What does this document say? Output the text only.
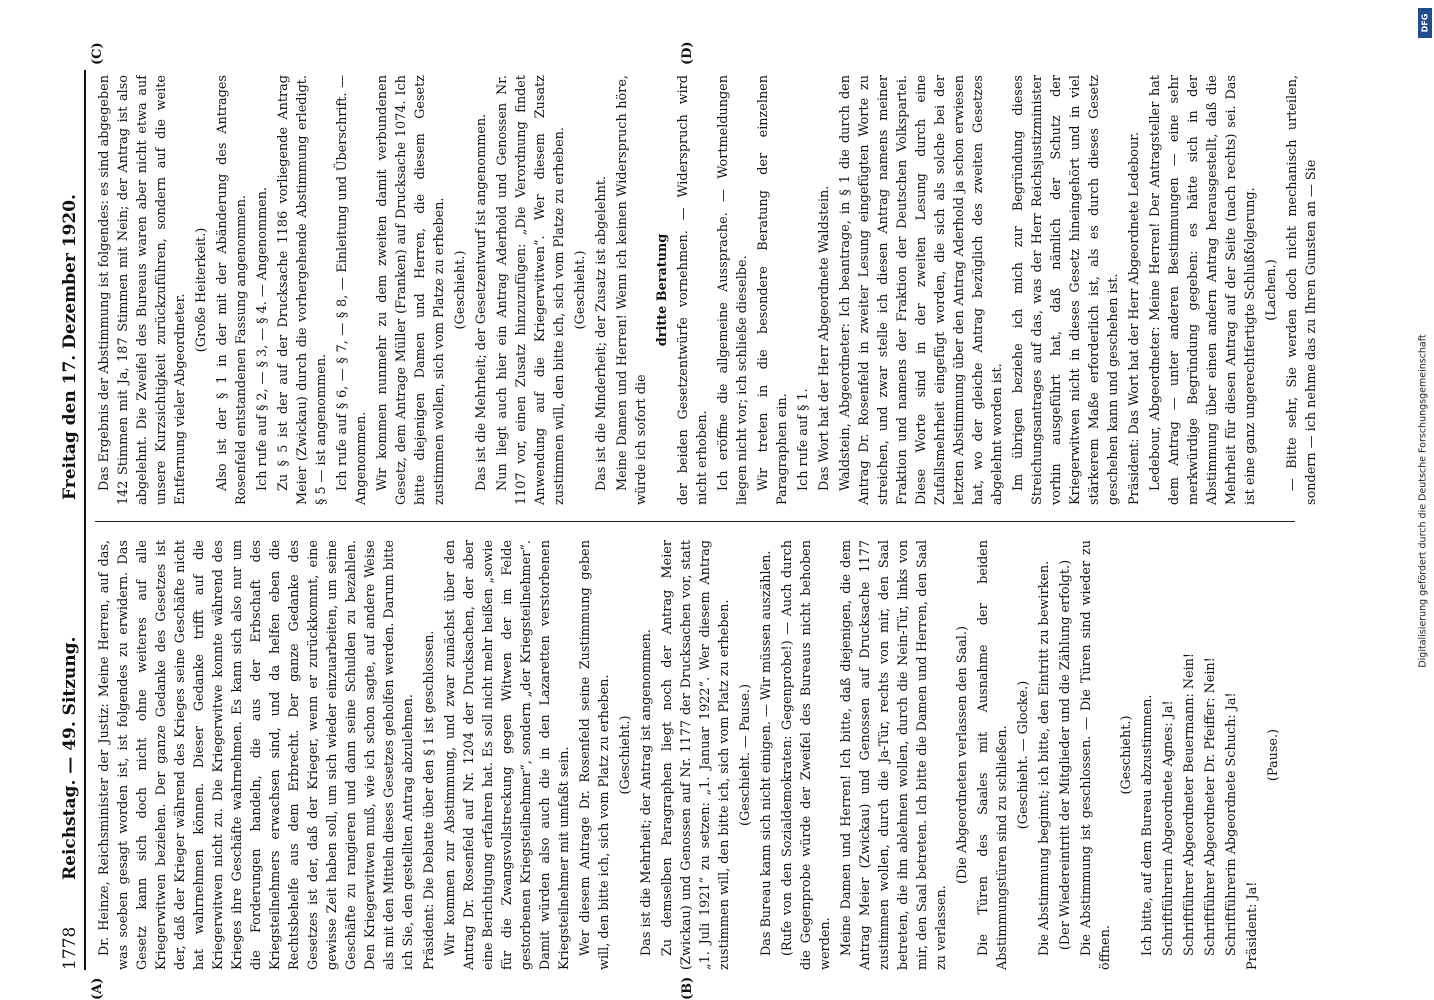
(A)	(B)
(C)	(D)
1778
Reichstag. — 49. Sitzung.
Freitag den 17. Dezember 1920.

Dr. Heinze, Reichsminister der Justiz: Meine Herren, auf das, was soeben gesagt worden ist, ist folgendes zu erwidern. Das Gesetz kann sich doch nicht ohne weiteres auf alle Kriegerwitwen beziehen. Der ganze Gedanke des Gesetzes ist der, daß der Krieger während des Krieges seine Geschäfte nicht hat wahrnehmen können. Dieser Gedanke trifft auf die Kriegerwitwen nicht zu. Die Kriegerwitwe konnte während des Krieges ihre Geschäfte wahrnehmen. Es kann sich also nur um die Forderungen handeln, die aus der Erbschaft des Kriegsteilnehmers erwachsen sind, und da helfen eben die Rechtsbehelfe aus dem Erbrecht. Der ganze Gedanke des Gesetzes ist der, daß der Krieger, wenn er zurückkommt, eine gewisse Zeit haben soll, um sich wieder einzuarbeiten, um seine Geschäfte zu rangieren und dann seine Schulden zu bezahlen. Den Kriegerwitwen muß, wie ich schon sagte, auf andere Weise als mit den Mitteln dieses Gesetzes geholfen werden. Darum bitte ich Sie, den gestellten Antrag abzulehnen. Präsident: Die Debatte über den § 1 ist geschlossen. Wir kommen zur Abstimmung, und zwar zunächst über den Antrag Dr. Rosenfeld auf Nr. 1204 der Drucksachen, der aber eine Berichtigung erfahren hat. Es soll nicht mehr heißen „sowie für die Zwangsvollstreckung gegen Witwen der im Felde gestorbenen Kriegsteilnehmer“, sondern „der Kriegsteilnehmer“. Damit würden also auch die in den Lazaretten verstorbenen Kriegsteilnehmer mit umfaßt sein. Wer diesem Antrage Dr. Rosenfeld seine Zustimmung geben will, den bitte ich, sich vom Platz zu erheben. (Geschieht.) Das ist die Mehrheit; der Antrag ist angenommen. Zu demselben Paragraphen liegt noch der Antrag Meier (Zwickau) und Genossen auf Nr. 1177 der Drucksachen vor, statt „1. Juli 1921“ zu setzen: „1. Januar 1922“. Wer diesem Antrag zustimmen will, den bitte ich, sich vom Platz zu erheben. (Geschieht. — Pause.) Das Bureau kann sich nicht einigen. — Wir müssen auszählen. (Rufe von den Sozialdemokraten: Gegenprobe!) — Auch durch die Gegenprobe würde der Zweifel des Bureaus nicht behoben werden. Meine Damen und Herren! Ich bitte, daß diejenigen, die dem Antrag Meier (Zwickau) und Genossen auf Drucksache 1177 zustimmen wollen, durch die Ja-Tür, rechts von mir, den Saal betreten, die ihn ablehnen wollen, durch die Nein-Tür, links von mir, den Saal betreten. Ich bitte die Damen und Herren, den Saal zu verlassen.

(Die Abgeordneten verlassen den Saal.) Die Türen des Saales mit Ausnahme der beiden Abstimmungstüren sind zu schließen. (Geschieht. — Glocke.) Die Abstimmung beginnt; ich bitte, den Eintritt zu bewirken. (Der Wiedereintritt der Mitglieder und die Zählung erfolgt.) Die Abstimmung ist geschlossen. — Die Türen sind wieder zu öffnen.

(Geschieht.) Ich bitte, auf dem Bureau abzustimmen. Schriftführerin Abgeordnete Agnes: Ja! Schriftführer Abgeordneter Beuermann: Nein! Schriftführer Abgeordneter Dr. Pfeiffer: Nein! Schriftführerin Abgeordnete Schuch: Ja! Präsident: Ja!

(Pause.)

Das Ergebnis der Abstimmung ist folgendes: es sind abgegeben 142 Stimmen mit Ja, 187 Stimmen mit Nein; der Antrag ist also abgelehnt. Die Zweifel des Bureaus waren aber nicht etwa auf unsere Kurzsichtigkeit zurückzuführen, sondern auf die weite Entfernung vieler Abgeordneter.

(Große Heiterkeit.) Also ist der § 1 in der mit der Abänderung des Antrages Rosenfeld entstandenen Fassung angenommen. Ich rufe auf § 2, — § 3, — § 4. — Angenommen. Zu § 5 ist der auf der Drucksache 1186 vorliegende Antrag Meier (Zwickau) durch die vorhergehende Abstimmung erledigt. § 5 — ist angenommen. Ich rufe auf § 6, — § 7, — § 8, — Einleitung und Überschrift. — Angenommen. Wir kommen nunmehr zu dem zweiten damit verbundenen Gesetz, dem Antrage Müller (Franken) auf Drucksache 1074. Ich bitte diejenigen Damen und Herren, die diesem Gesetz zustimmen wollen, sich vom Platze zu erheben. (Geschieht.) Das ist die Mehrheit; der Gesetzentwurf ist angenommen. Nun liegt auch hier ein Antrag Aderhold und Genossen Nr. 1107 vor, einen Zusatz hinzuzufügen: „Die Verordnung findet Anwendung auf die Kriegerwitwen“. Wer diesem Zusatz zustimmen will, den bitte ich, sich vom Platze zu erheben. (Geschieht.) Das ist die Minderheit; der Zusatz ist abgelehnt. Meine Damen und Herren! Wenn ich keinen Widerspruch höre, würde ich sofort die

dritte Beratung der beiden Gesetzentwürfe vornehmen. — Widerspruch wird nicht erhoben. Ich eröffne die allgemeine Aussprache. — Wortmeldungen liegen nicht vor; ich schließe dieselbe. Wir treten in die besondere Beratung der einzelnen Paragraphen ein. Ich rufe auf § 1. Das Wort hat der Herr Abgeordnete Waldstein. Waldstein, Abgeordneter: Ich beantrage, in § 1 die durch den Antrag Dr. Rosenfeld in zweiter Lesung eingefügten Worte zu streichen, und zwar stelle ich diesen Antrag namens meiner Fraktion und namens der Fraktion der Deutschen Volkspartei. Diese Worte sind in der zweiten Lesung durch eine Zufallsmehrheit eingefügt worden, die sich als solche bei der letzten Abstimmung über den Antrag Aderhold ja schon erwiesen hat, wo der gleiche Antrag bezüglich des zweiten Gesetzes abgelehnt worden ist. Im übrigen beziehe ich mich zur Begründung dieses Streichungsantrages auf das, was der Herr Reichsjustizminister vorhin ausgeführt hat, daß nämlich der Schutz der Kriegerwitwen nicht in dieses Gesetz hineingehört und in viel stärkerem Maße erforderlich ist, als es durch dieses Gesetz geschehen kann und geschehen ist. Präsident: Das Wort hat der Herr Abgeordnete Ledebour. Ledebour, Abgeordneter: Meine Herren! Der Antragsteller hat dem Antrag — unter anderen Bestimmungen — eine sehr merkwürdige Begründung gegeben: es hätte sich in der Abstimmung über einen andern Antrag herausgestellt, daß die Mehrheit für diesen Antrag auf der Seite (nach rechts) sei. Das ist eine ganz ungerechtfertigte Schlußfolgerung. (Lachen.) — Bitte sehr, Sie werden doch nicht mechanisch urteilen, sondern — ich nehme das zu Ihren Gunsten an — Sie	Digitalisierung gefördert durch die Deutsche Forschungsgemeinschaft
DFG
